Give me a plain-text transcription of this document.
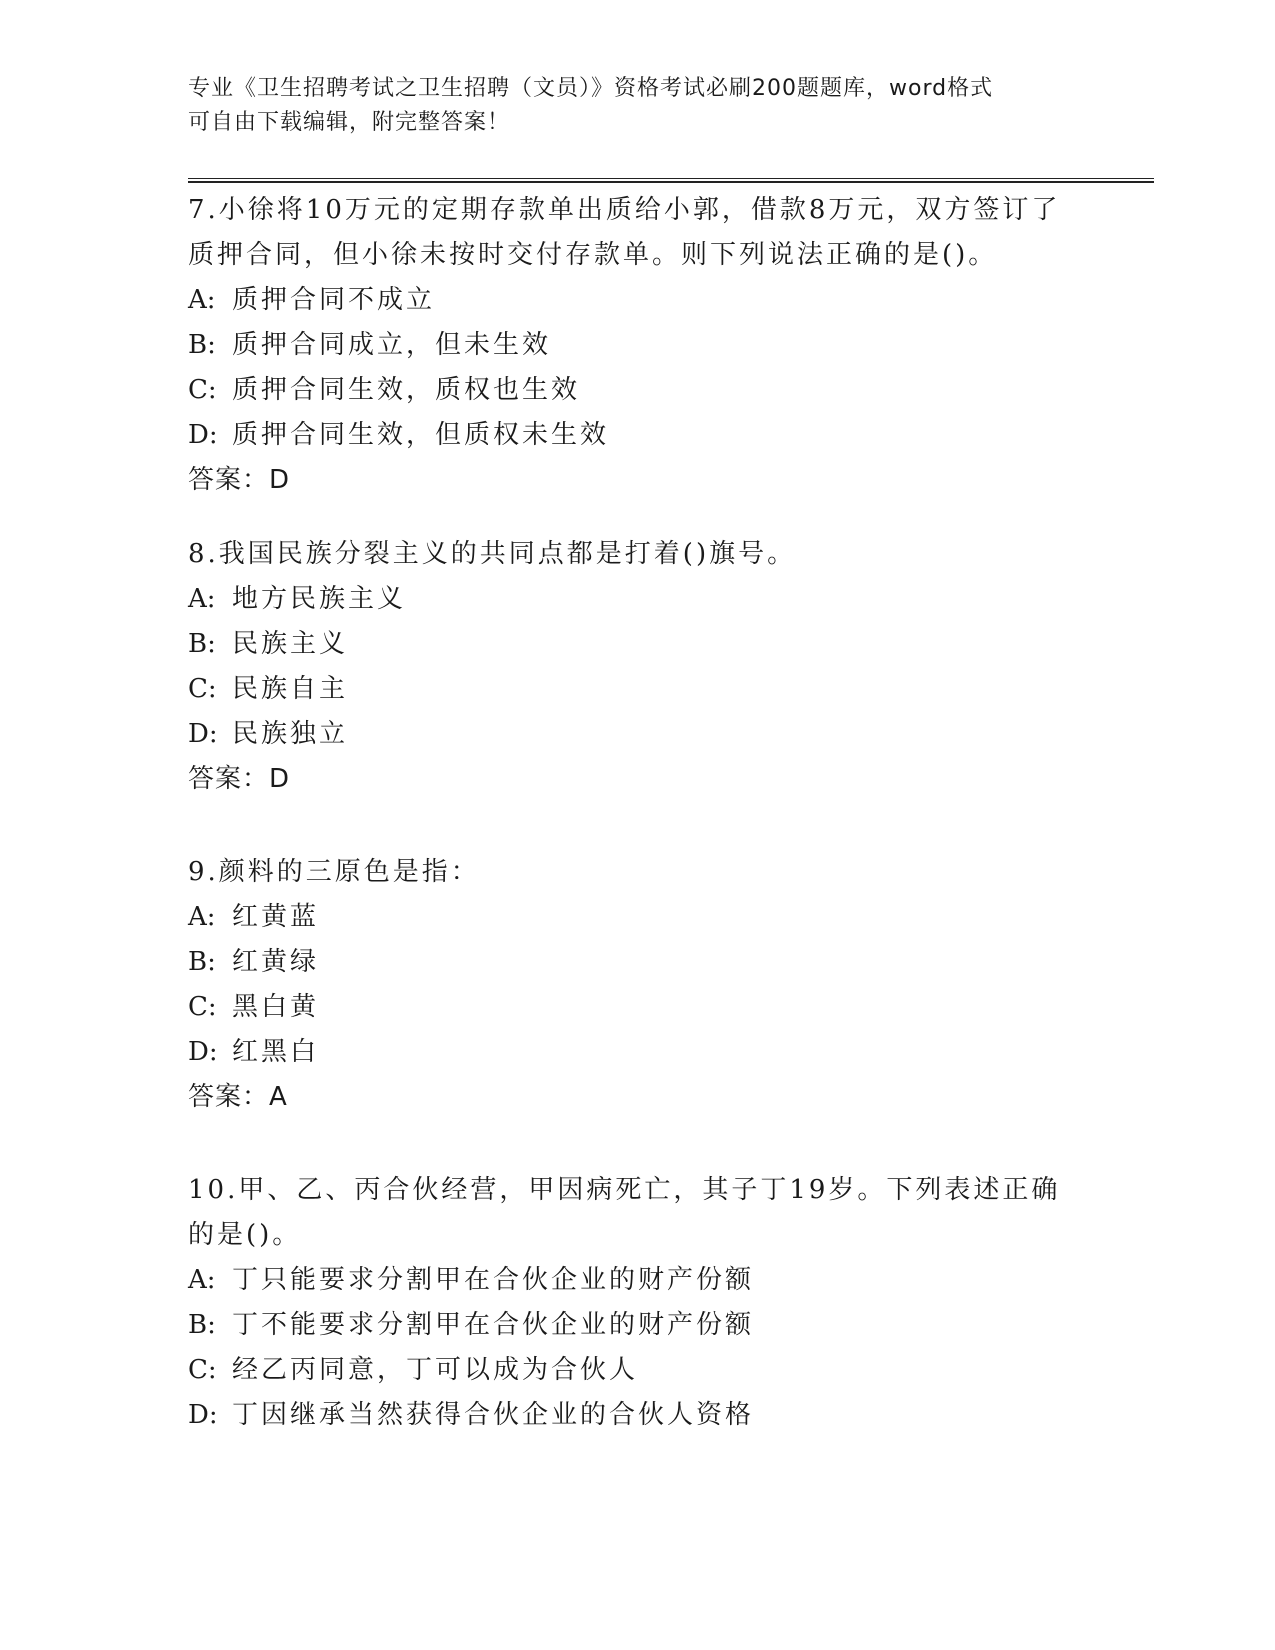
专业《卫生招聘考试之卫生招聘（文员）》资格考试必刷200题题库，word格式
可自由下载编辑，附完整答案！
7.小徐将10万元的定期存款单出质给小郭，借款8万元，双方签订了质押合同，但小徐未按时交付存款单。则下列说法正确的是()。
A: 质押合同不成立
B: 质押合同成立，但未生效
C: 质押合同生效，质权也生效
D: 质押合同生效，但质权未生效
答案：D
8.我国民族分裂主义的共同点都是打着()旗号。
A: 地方民族主义
B: 民族主义
C: 民族自主
D: 民族独立
答案：D
9.颜料的三原色是指：
A: 红黄蓝
B: 红黄绿
C: 黑白黄
D: 红黑白
答案：A
10.甲、乙、丙合伙经营，甲因病死亡，其子丁19岁。下列表述正确的是()。
A: 丁只能要求分割甲在合伙企业的财产份额
B: 丁不能要求分割甲在合伙企业的财产份额
C: 经乙丙同意，丁可以成为合伙人
D: 丁因继承当然获得合伙企业的合伙人资格
